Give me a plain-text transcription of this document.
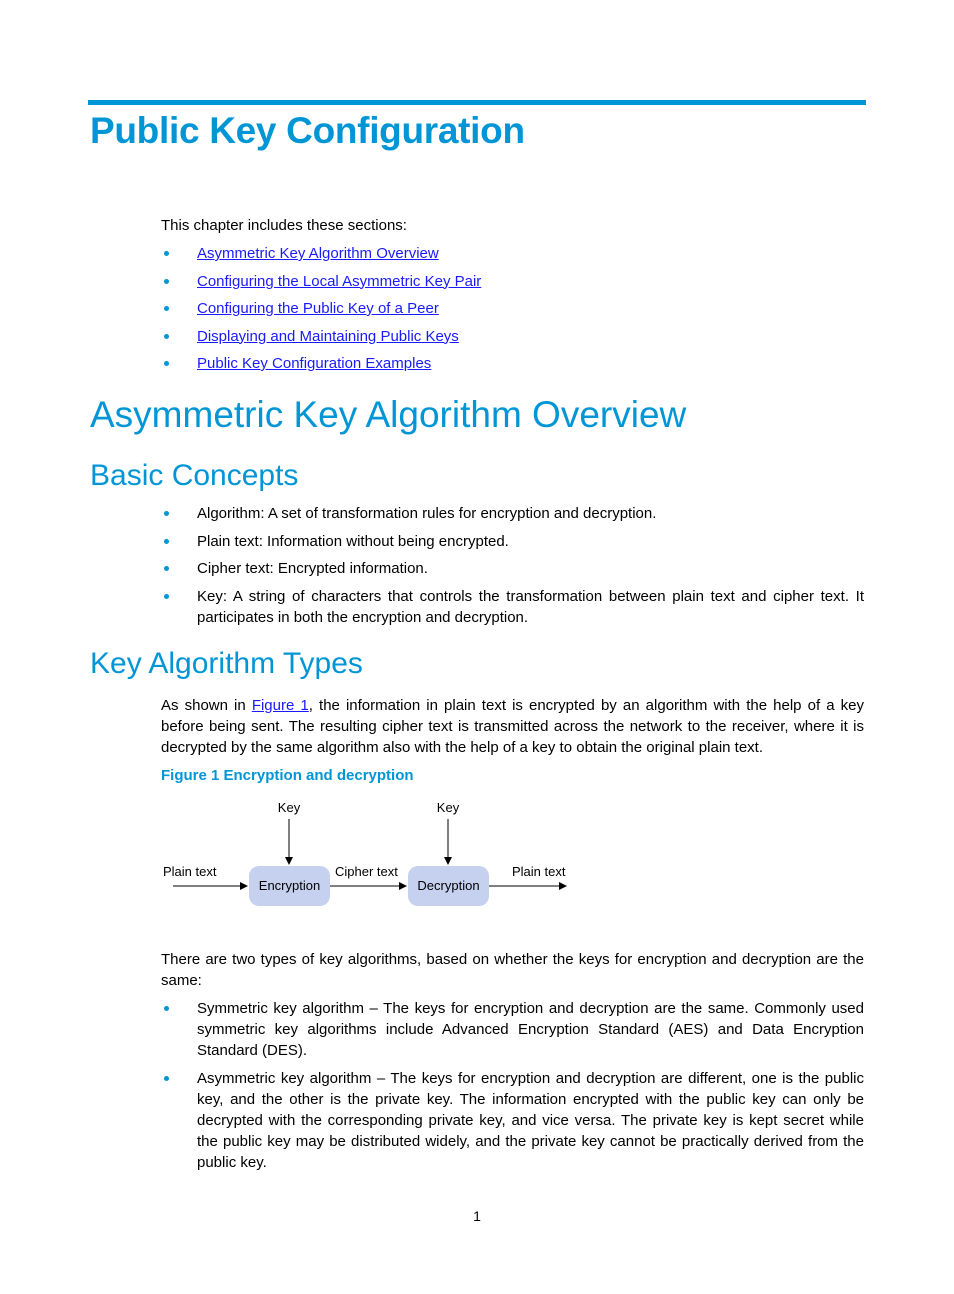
Public Key Configuration

This chapter includes these sections:

Asymmetric Key Algorithm Overview
Configuring the Local Asymmetric Key Pair
Configuring the Public Key of a Peer
Displaying and Maintaining Public Keys
Public Key Configuration Examples
Asymmetric Key Algorithm Overview
Basic Concepts
Algorithm: A set of transformation rules for encryption and decryption.
Plain text: Information without being encrypted.
Cipher text: Encrypted information.
Key: A string of characters that controls the transformation between plain text and cipher text. It participates in both the encryption and decryption.
Key Algorithm Types

As shown in Figure 1, the information in plain text is encrypted by an algorithm with the help of a key before being sent. The resulting cipher text is transmitted across the network to the receiver, where it is decrypted by the same algorithm also with the help of a key to obtain the original plain text.

Figure 1 Encryption and decryption

Key	Key
Plain text
Encryption
Cipher text
Decryption
Plain text

There are two types of key algorithms, based on whether the keys for encryption and decryption are the same:

Symmetric key algorithm – The keys for encryption and decryption are the same. Commonly used symmetric key algorithms include Advanced Encryption Standard (AES) and Data Encryption Standard (DES).
Asymmetric key algorithm – The keys for encryption and decryption are different, one is the public key, and the other is the private key. The information encrypted with the public key can only be decrypted with the corresponding private key, and vice versa. The private key is kept secret while the public key may be distributed widely, and the private key cannot be practically derived from the public key.
1
